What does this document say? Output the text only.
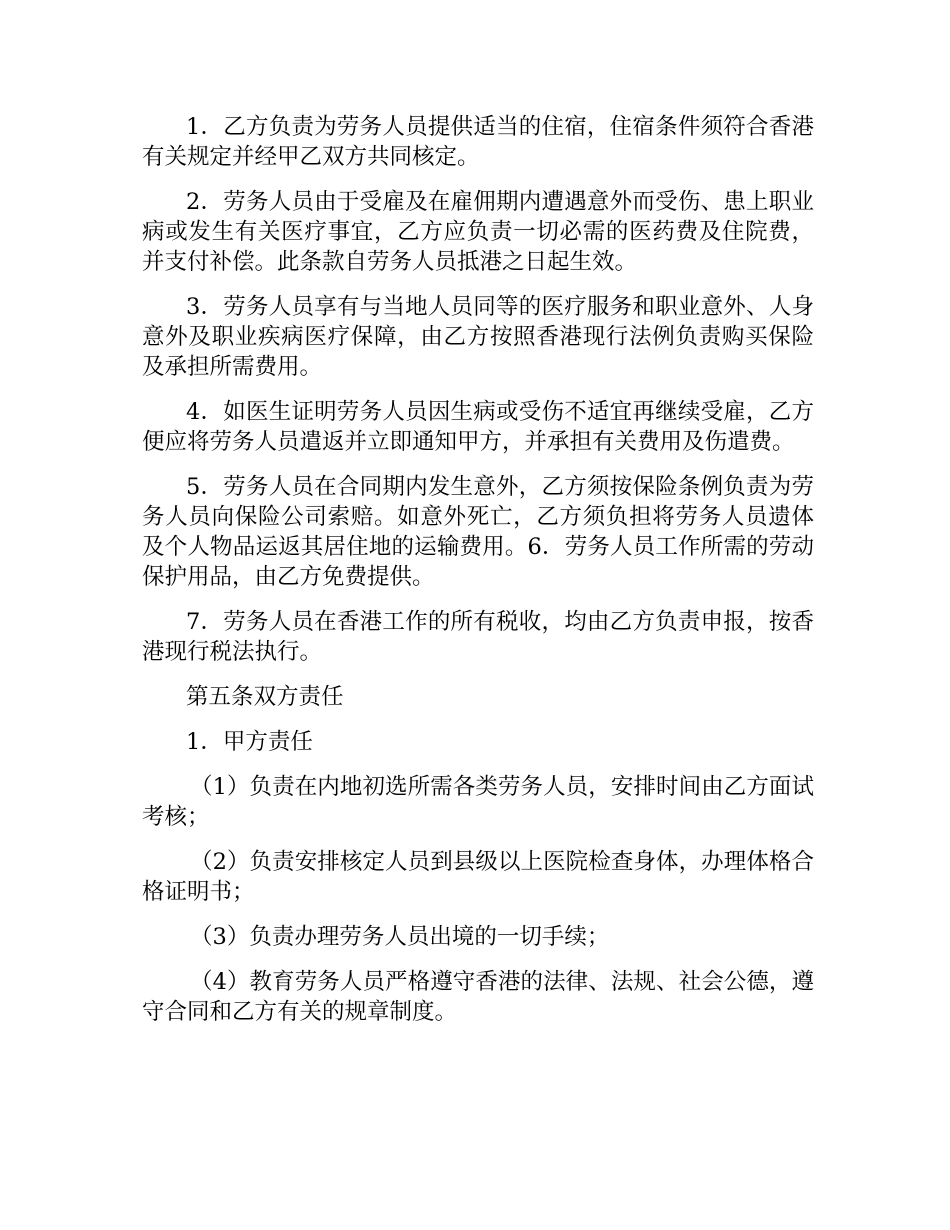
1．乙方负责为劳务人员提供适当的住宿，住宿条件须符合香港有关规定并经甲乙双方共同核定。

2．劳务人员由于受雇及在雇佣期内遭遇意外而受伤、患上职业病或发生有关医疗事宜，乙方应负责一切必需的医药费及住院费，并支付补偿。此条款自劳务人员抵港之日起生效。

3．劳务人员享有与当地人员同等的医疗服务和职业意外、人身意外及职业疾病医疗保障，由乙方按照香港现行法例负责购买保险及承担所需费用。

4．如医生证明劳务人员因生病或受伤不适宜再继续受雇，乙方便应将劳务人员遣返并立即通知甲方，并承担有关费用及伤遣费。

5．劳务人员在合同期内发生意外，乙方须按保险条例负责为劳务人员向保险公司索赔。如意外死亡，乙方须负担将劳务人员遗体及个人物品运返其居住地的运输费用。6．劳务人员工作所需的劳动保护用品，由乙方免费提供。

7．劳务人员在香港工作的所有税收，均由乙方负责申报，按香港现行税法执行。

第五条双方责任

1．甲方责任

（1）负责在内地初选所需各类劳务人员，安排时间由乙方面试考核；

（2）负责安排核定人员到县级以上医院检查身体，办理体格合格证明书；

（3）负责办理劳务人员出境的一切手续；

（4）教育劳务人员严格遵守香港的法律、法规、社会公德，遵守合同和乙方有关的规章制度。
